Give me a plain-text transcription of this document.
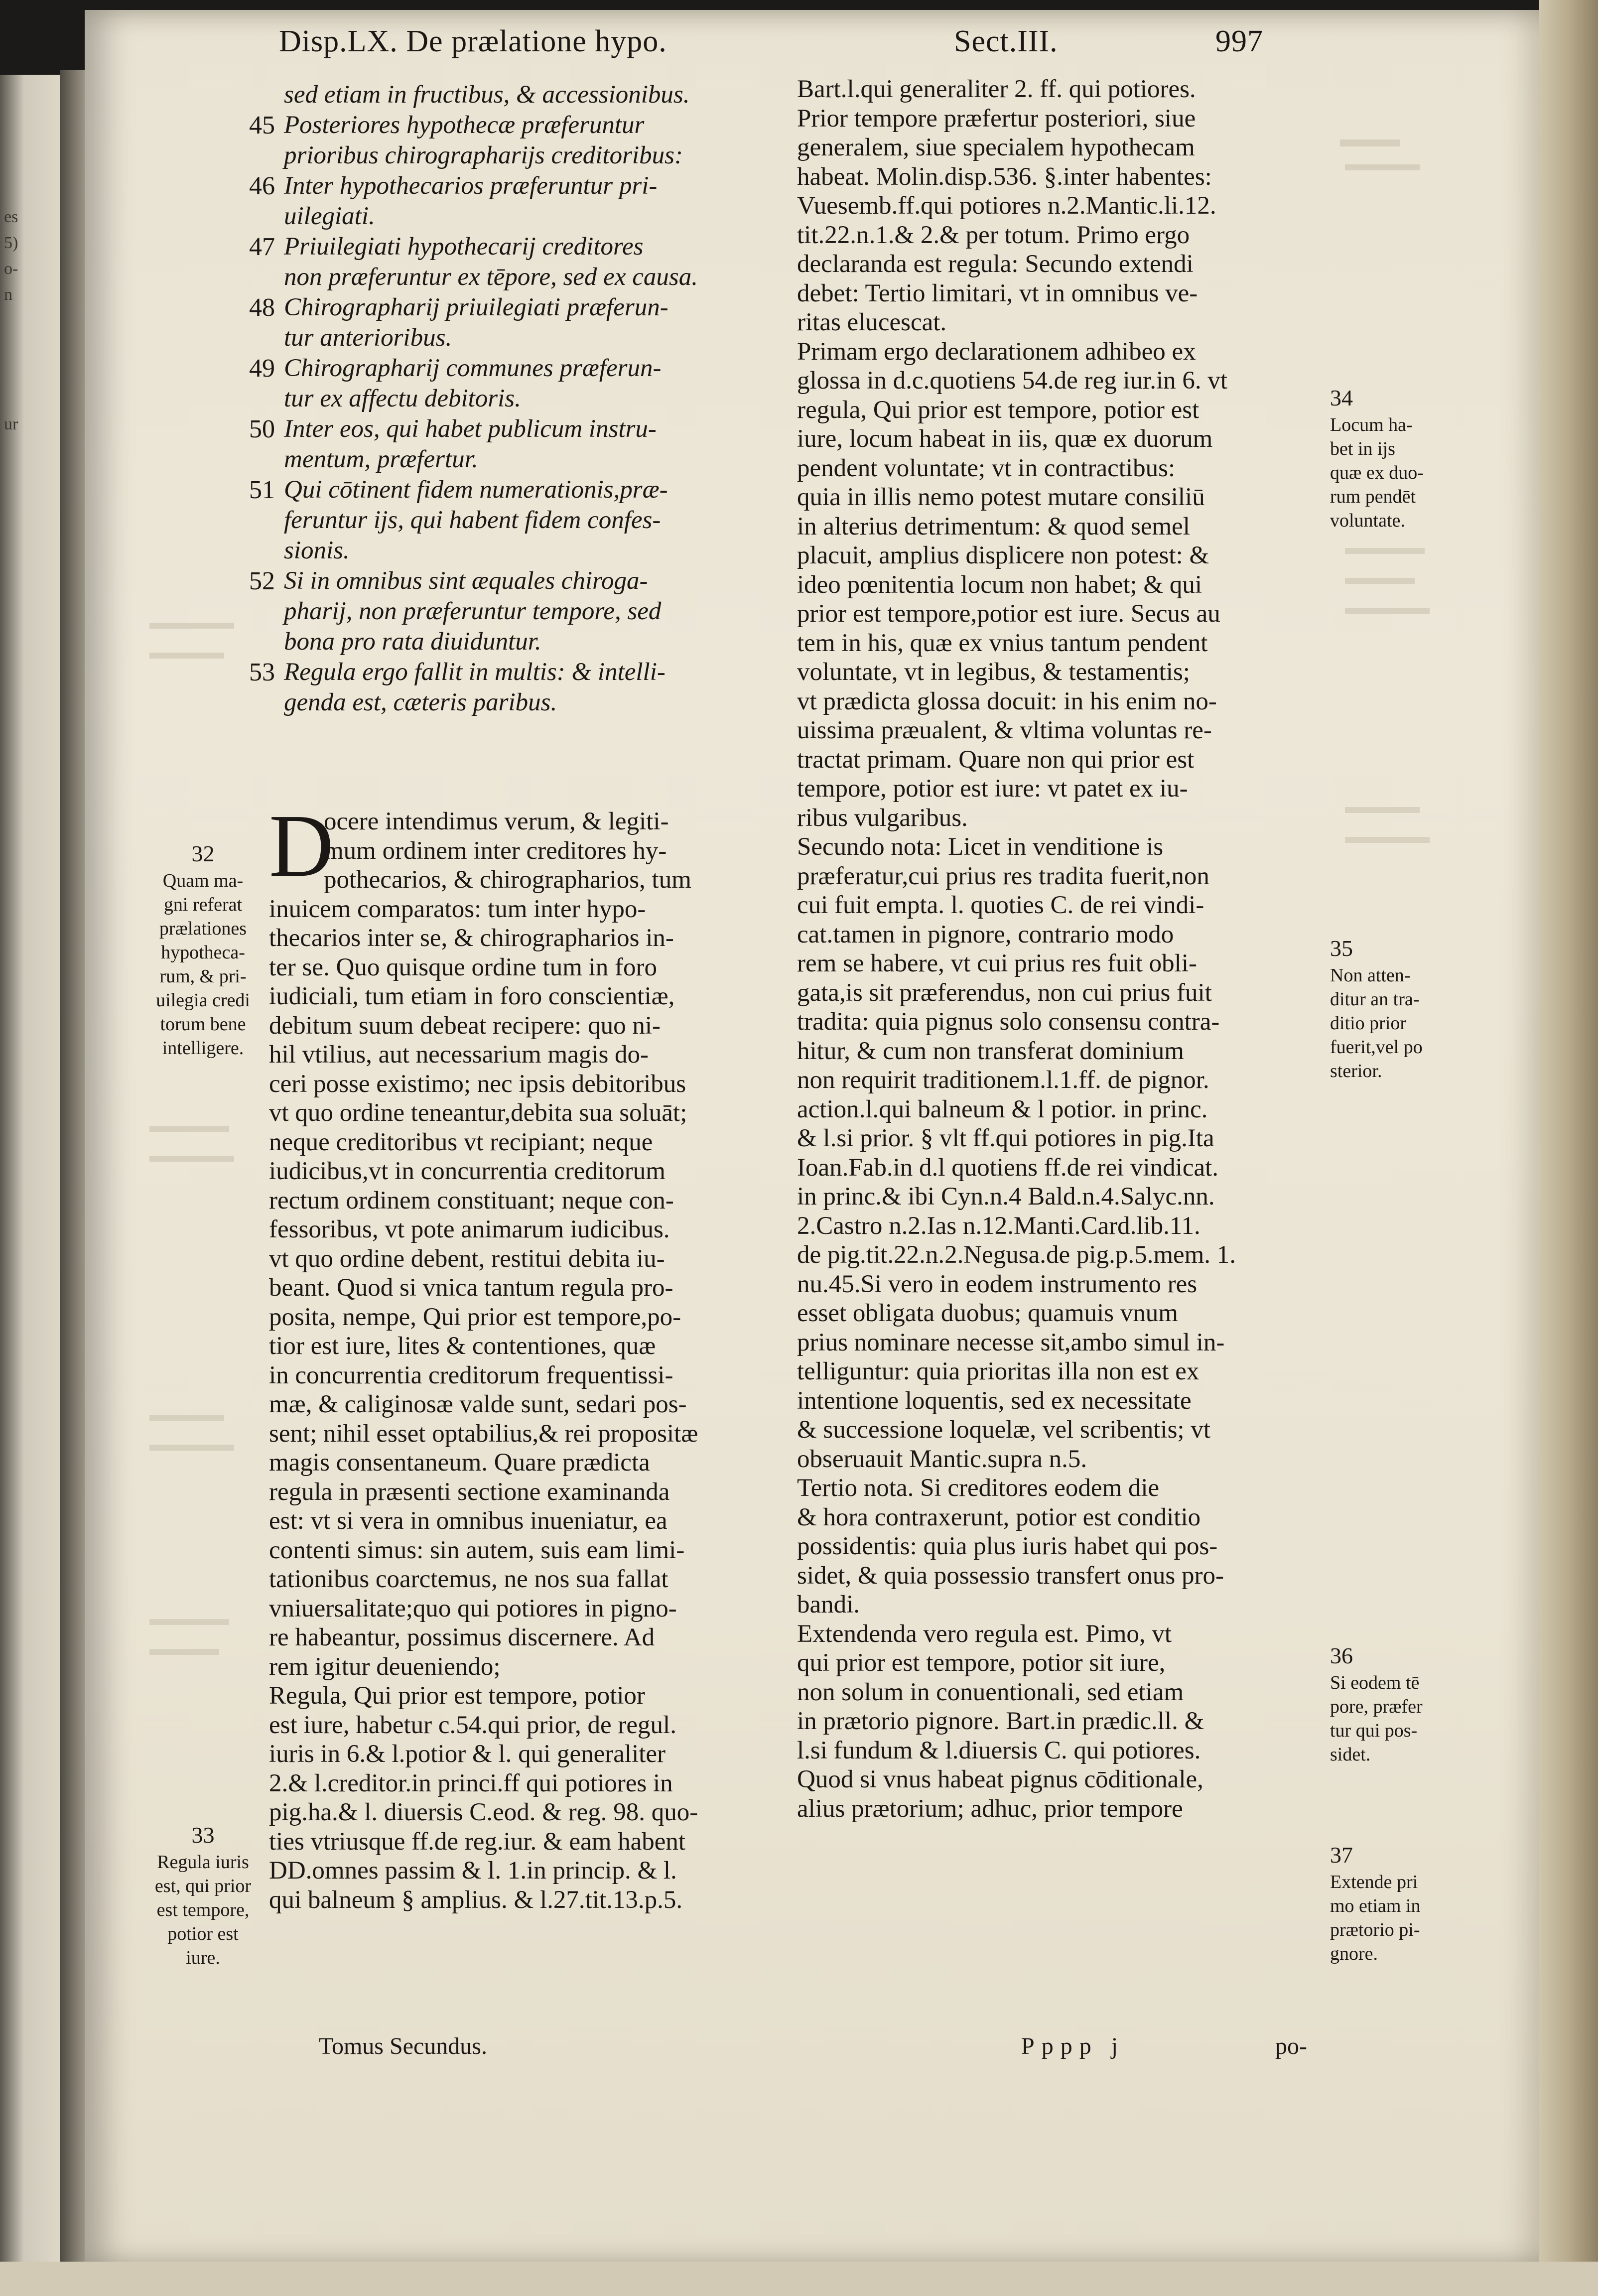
es
5)
o-
n
ur
Disp.LX. De prælatione hypo.	Sect.III.	997
sed etiam in fructibus, & accessionibus.
45 Posteriores hypothecæ præferuntur
prioribus chirographarijs creditoribus:
46 Inter hypothecarios præferuntur pri-
uilegiati.
47 Priuilegiati hypothecarij creditores
non præferuntur ex tēpore, sed ex causa.
48 Chirographarij priuilegiati præferun-
tur anterioribus.
49 Chirographarij communes præferun-
tur ex affectu debitoris.
50 Inter eos, qui habet publicum instru-
mentum, præfertur.
51 Qui cōtinent fidem numerationis,præ-
feruntur ijs, qui habent fidem confes-
sionis.
52 Si in omnibus sint æquales chiroga-
pharij, non præferuntur tempore, sed
bona pro rata diuiduntur.
53 Regula ergo fallit in multis: & intelli-
genda est, cæteris paribus.
D
ocere intendimus verum, & legiti-
mum ordinem inter creditores hy-
pothecarios, & chirographarios, tum
inuicem comparatos: tum inter hypo-
thecarios inter se, & chirographarios in-
ter se. Quo quisque ordine tum in foro
iudiciali, tum etiam in foro conscientiæ,
debitum suum debeat recipere: quo ni-
hil vtilius, aut necessarium magis do-
ceri posse existimo; nec ipsis debitoribus
vt quo ordine teneantur,debita sua soluāt;
neque creditoribus vt recipiant; neque
iudicibus,vt in concurrentia creditorum
rectum ordinem constituant; neque con-
fessoribus, vt pote animarum iudicibus.
vt quo ordine debent, restitui debita iu-
beant. Quod si vnica tantum regula pro-
posita, nempe, Qui prior est tempore,po-
tior est iure, lites & contentiones, quæ
in concurrentia creditorum frequentissi-
mæ, & caliginosæ valde sunt, sedari pos-
sent; nihil esset optabilius,& rei propositæ
magis consentaneum. Quare prædicta
regula in præsenti sectione examinanda
est: vt si vera in omnibus inueniatur, ea
contenti simus: sin autem, suis eam limi-
tationibus coarctemus, ne nos sua fallat
vniuersalitate;quo qui potiores in pigno-
re habeantur, possimus discernere. Ad
rem igitur deueniendo;
Regula, Qui prior est tempore, potior
est iure, habetur c.54.qui prior, de regul.
iuris in 6.& l.potior & l. qui generaliter
2.& l.creditor.in princi.ff qui potiores in
pig.ha.& l. diuersis C.eod. & reg. 98. quo-
ties vtriusque ff.de reg.iur. & eam habent
DD.omnes passim & l. 1.in princip. & l.
qui balneum § amplius. & l.27.tit.13.p.5.
Bart.l.qui generaliter 2. ff. qui potiores.
Prior tempore præfertur posteriori, siue
generalem, siue specialem hypothecam
habeat. Molin.disp.536. §.inter habentes:
Vuesemb.ff.qui potiores n.2.Mantic.li.12.
tit.22.n.1.& 2.& per totum. Primo ergo
declaranda est regula: Secundo extendi
debet: Tertio limitari, vt in omnibus ve-
ritas elucescat.
Primam ergo declarationem adhibeo ex
glossa in d.c.quotiens 54.de reg iur.in 6. vt
regula, Qui prior est tempore, potior est
iure, locum habeat in iis, quæ ex duorum
pendent voluntate; vt in contractibus:
quia in illis nemo potest mutare consiliū
in alterius detrimentum: & quod semel
placuit, amplius displicere non potest: &
ideo pœnitentia locum non habet; & qui
prior est tempore,potior est iure. Secus au
tem in his, quæ ex vnius tantum pendent
voluntate, vt in legibus, & testamentis;
vt prædicta glossa docuit: in his enim no-
uissima præualent, & vltima voluntas re-
tractat primam. Quare non qui prior est
tempore, potior est iure: vt patet ex iu-
ribus vulgaribus.
Secundo nota: Licet in venditione is
præferatur,cui prius res tradita fuerit,non
cui fuit empta. l. quoties C. de rei vindi-
cat.tamen in pignore, contrario modo
rem se habere, vt cui prius res fuit obli-
gata,is sit præferendus, non cui prius fuit
tradita: quia pignus solo consensu contra-
hitur, & cum non transferat dominium
non requirit traditionem.l.1.ff. de pignor.
action.l.qui balneum & l potior. in princ.
& l.si prior. § vlt ff.qui potiores in pig.Ita
Ioan.Fab.in d.l quotiens ff.de rei vindicat.
in princ.& ibi Cyn.n.4 Bald.n.4.Salyc.nn.
2.Castro n.2.Ias n.12.Manti.Card.lib.11.
de pig.tit.22.n.2.Negusa.de pig.p.5.mem. 1.
nu.45.Si vero in eodem instrumento res
esset obligata duobus; quamuis vnum
prius nominare necesse sit,ambo simul in-
telliguntur: quia prioritas illa non est ex
intentione loquentis, sed ex necessitate
& successione loquelæ, vel scribentis; vt
obseruauit Mantic.supra n.5.
Tertio nota. Si creditores eodem die
& hora contraxerunt, potior est conditio
possidentis: quia plus iuris habet qui pos-
sidet, & quia possessio transfert onus pro-
bandi.
Extendenda vero regula est. Pimo, vt
qui prior est tempore, potior sit iure,
non solum in conuentionali, sed etiam
in prætorio pignore. Bart.in prædic.ll. &
l.si fundum & l.diuersis C. qui potiores.
Quod si vnus habeat pignus cōditionale,
alius prætorium; adhuc, prior tempore
32
Quam ma-
gni referat
prælationes
hypotheca-
rum, & pri-
uilegia credi
torum bene
intelligere.
33
Regula iuris
est, qui prior
est tempore,
potior est
iure.
34
Locum ha-
bet in ijs
quæ ex duo-
rum pendēt
voluntate.
35
Non atten-
ditur an tra-
ditio prior
fuerit,vel po
sterior.
36
Si eodem tē
pore, præfer
tur qui pos-
sidet.
37
Extende pri
mo etiam in
prætorio pi-
gnore.
Tomus Secundus.	Pppp j	po-
